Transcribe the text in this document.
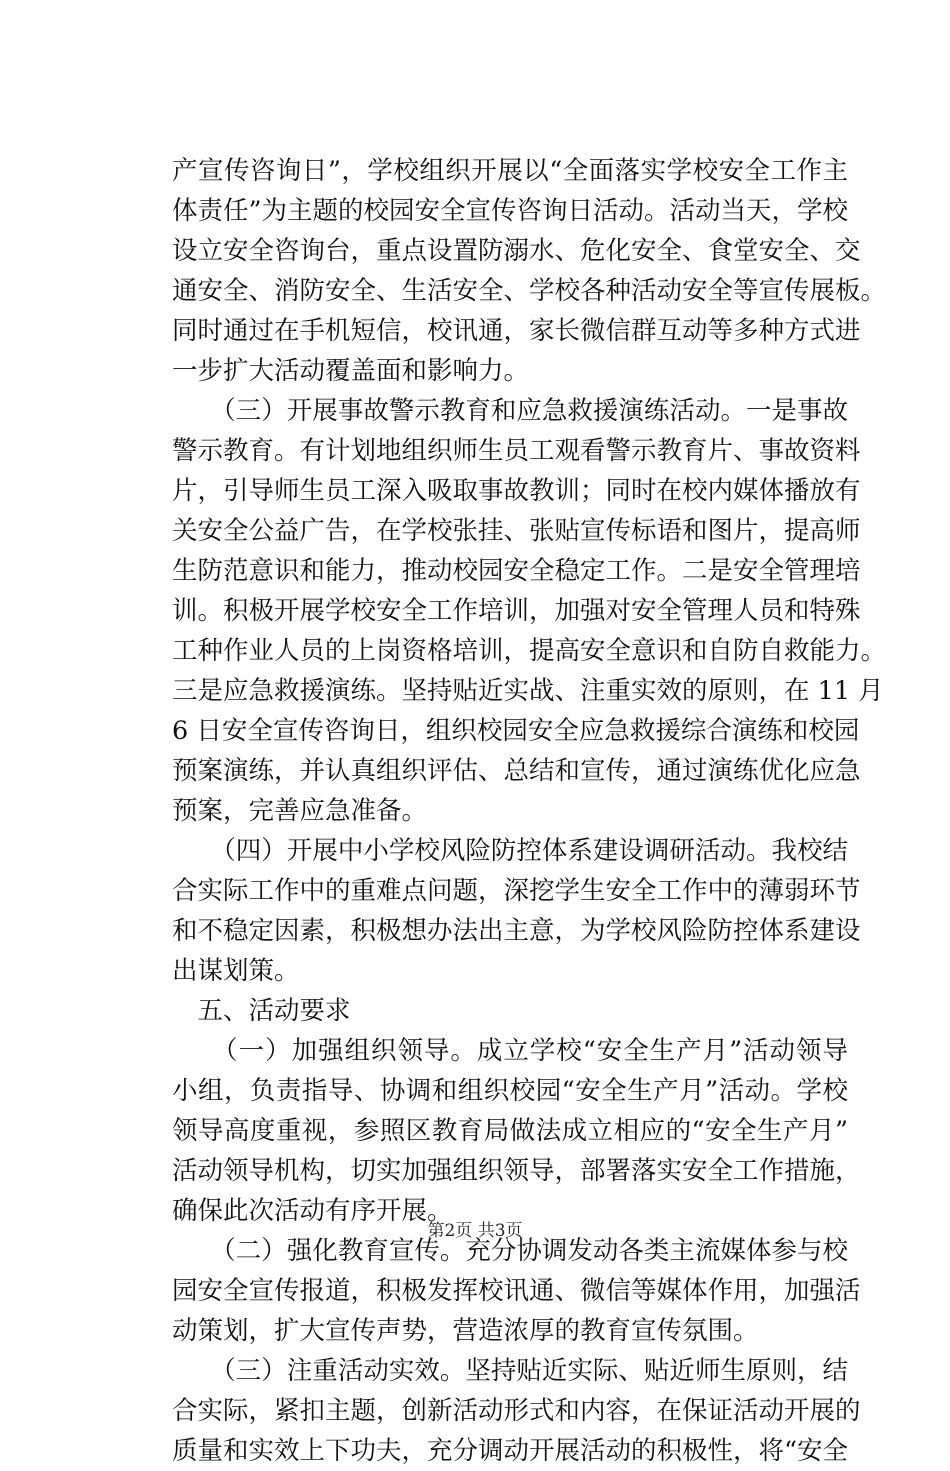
产宣传咨询日”，学校组织开展以“全面落实学校安全工作主
体责任”为主题的校园安全宣传咨询日活动。活动当天，学校
设立安全咨询台，重点设置防溺水、危化安全、食堂安全、交
通安全、消防安全、生活安全、学校各种活动安全等宣传展板。
同时通过在手机短信，校讯通，家长微信群互动等多种方式进
一步扩大活动覆盖面和影响力。
　　（三）开展事故警示教育和应急救援演练活动。一是事故
警示教育。有计划地组织师生员工观看警示教育片、事故资料
片，引导师生员工深入吸取事故教训；同时在校内媒体播放有
关安全公益广告，在学校张挂、张贴宣传标语和图片，提高师
生防范意识和能力，推动校园安全稳定工作。二是安全管理培
训。积极开展学校安全工作培训，加强对安全管理人员和特殊
工种作业人员的上岗资格培训，提高安全意识和自防自救能力。
三是应急救援演练。坚持贴近实战、注重实效的原则，在 11 月
6 日安全宣传咨询日，组织校园安全应急救援综合演练和校园
预案演练，并认真组织评估、总结和宣传，通过演练优化应急
预案，完善应急准备。
　　（四）开展中小学校风险防控体系建设调研活动。我校结
合实际工作中的重难点问题，深挖学生安全工作中的薄弱环节
和不稳定因素，积极想办法出主意，为学校风险防控体系建设
出谋划策。
　五、活动要求
　　（一）加强组织领导。成立学校“安全生产月”活动领导
小组，负责指导、协调和组织校园“安全生产月”活动。学校
领导高度重视，参照区教育局做法成立相应的“安全生产月”
活动领导机构，切实加强组织领导，部署落实安全工作措施，
确保此次活动有序开展。
　　（二）强化教育宣传。充分协调发动各类主流媒体参与校
园安全宣传报道，积极发挥校讯通、微信等媒体作用，加强活
动策划，扩大宣传声势，营造浓厚的教育宣传氛围。
　　（三）注重活动实效。坚持贴近实际、贴近师生原则，结
合实际，紧扣主题，创新活动形式和内容，在保证活动开展的
质量和实效上下功夫，充分调动开展活动的积极性，将“安全
第2页 共3页
